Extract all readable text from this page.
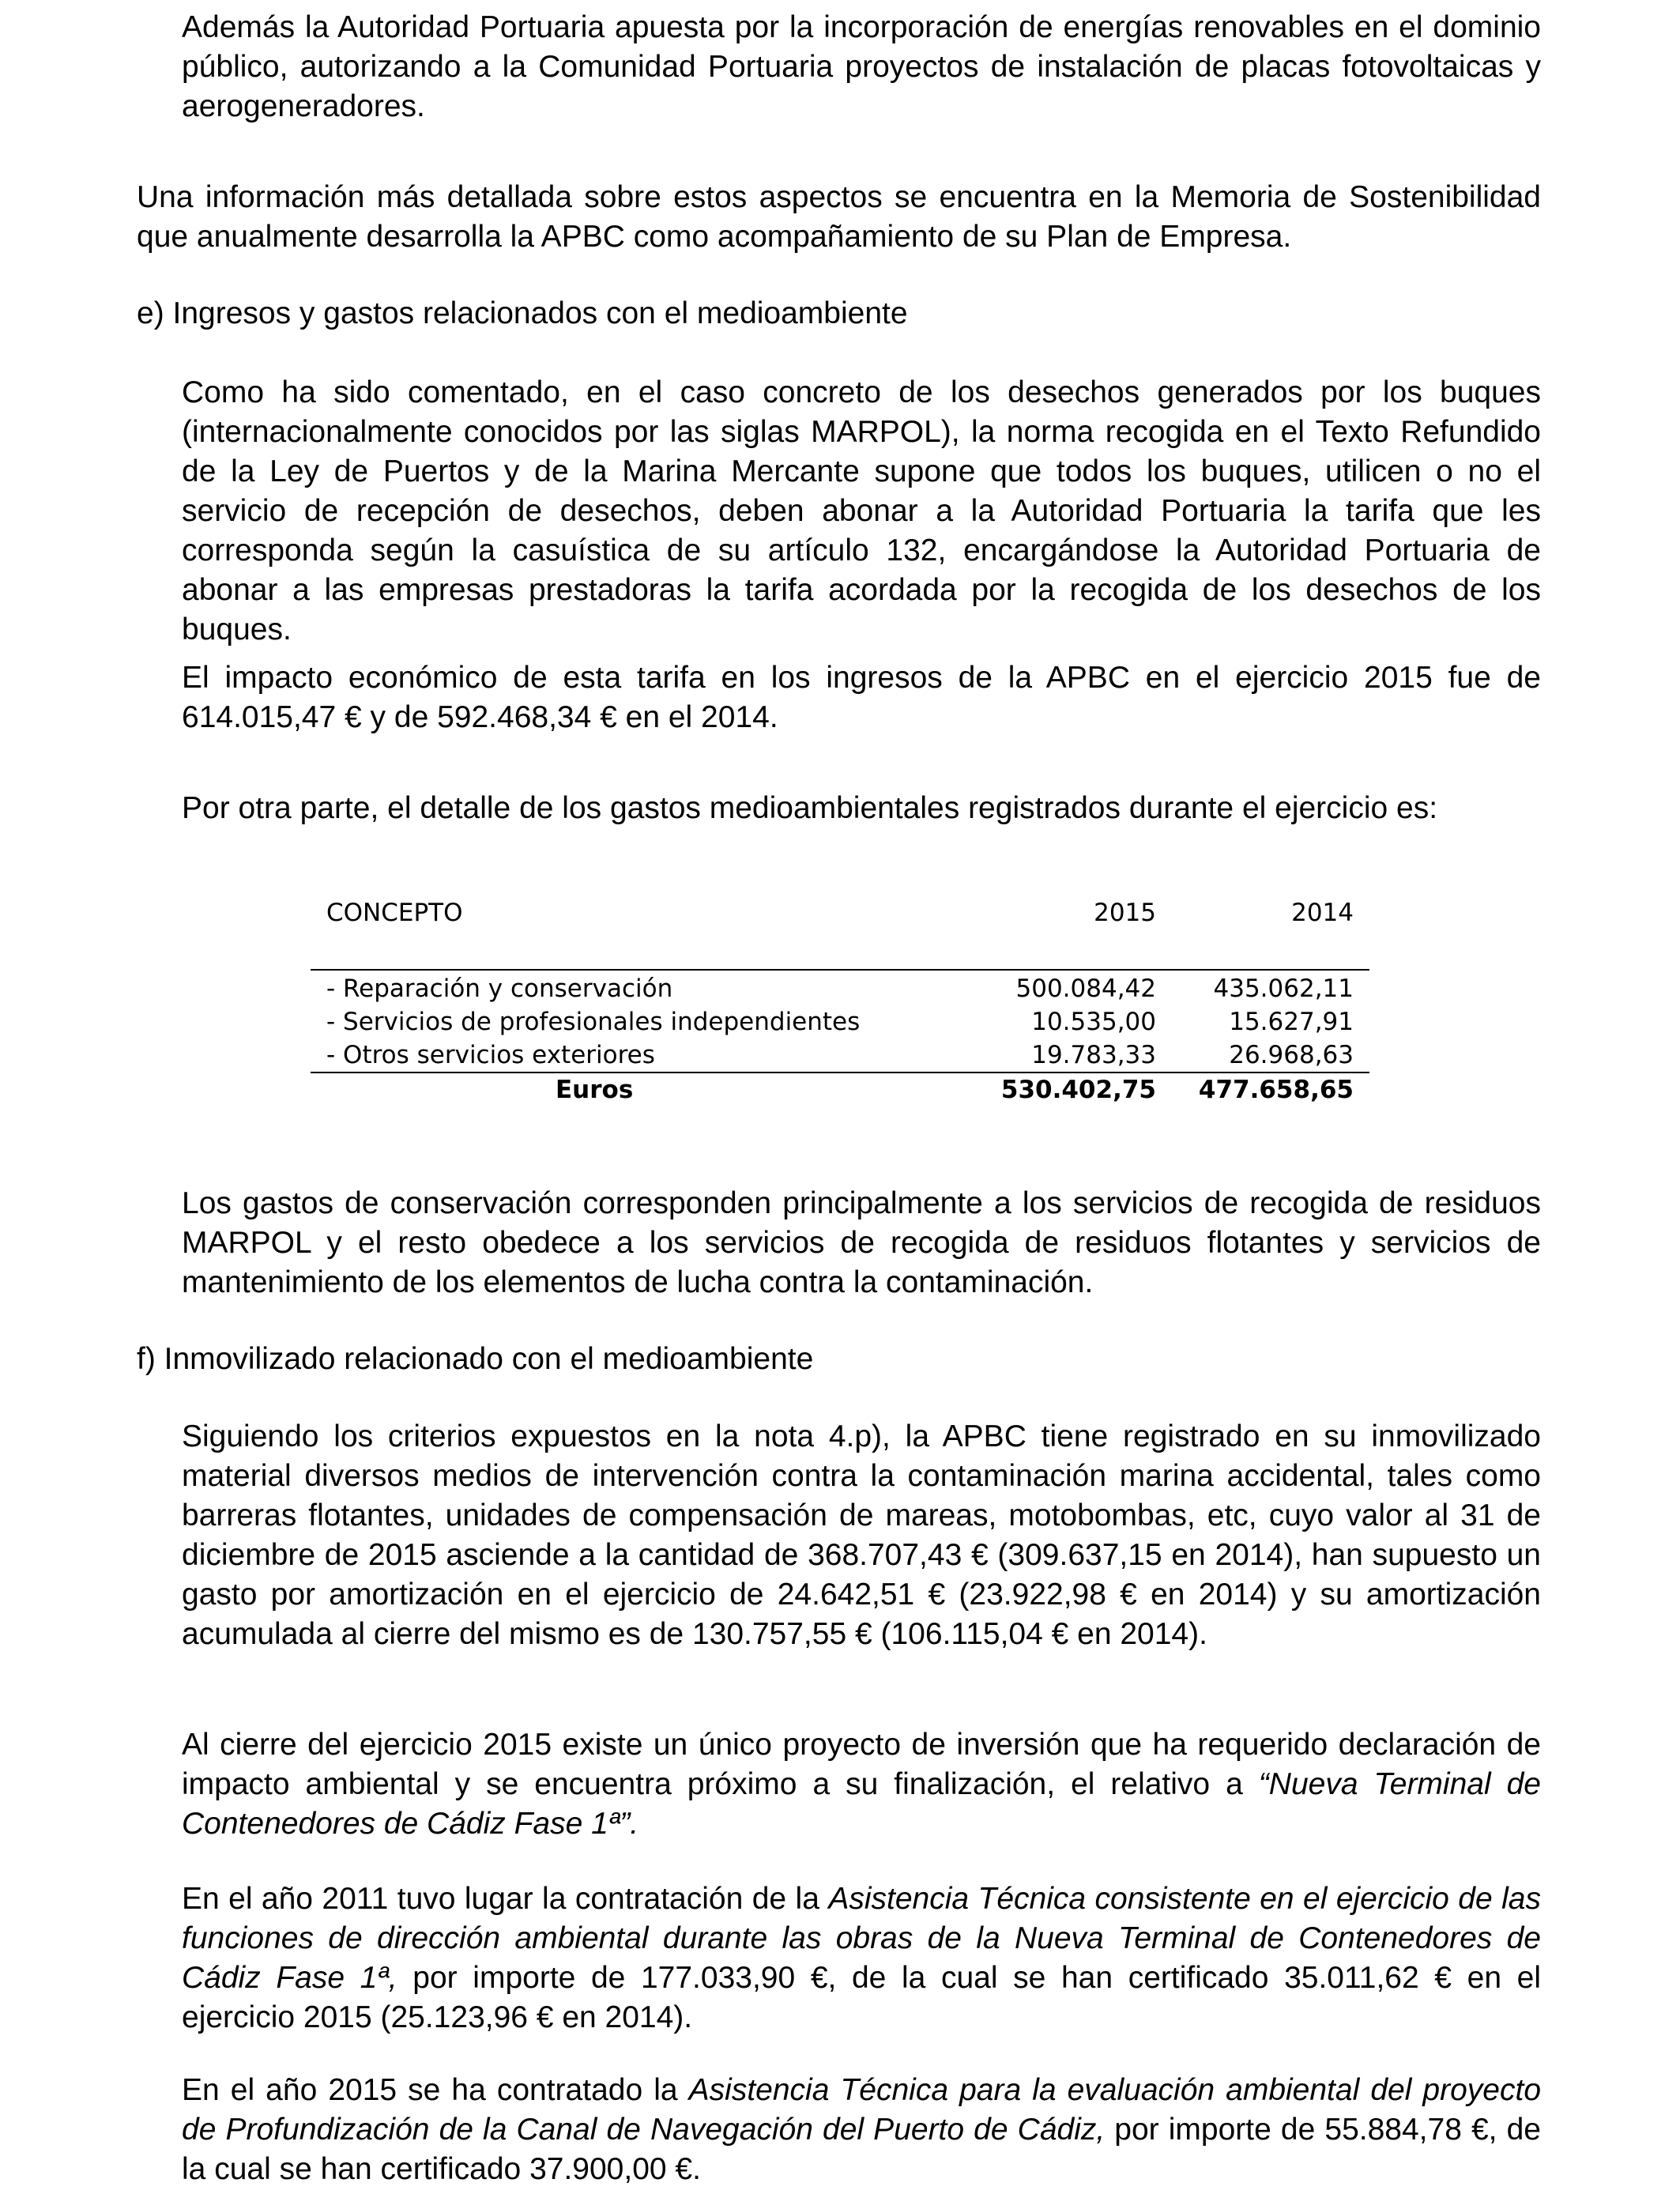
Además la Autoridad Portuaria apuesta por la incorporación de energías renovables en el dominio público, autorizando a la Comunidad Portuaria proyectos de instalación de placas fotovoltaicas y aerogeneradores.

Una información más detallada sobre estos aspectos se encuentra en la Memoria de Sostenibilidad que anualmente desarrolla la APBC como acompañamiento de su Plan de Empresa.

e) Ingresos y gastos relacionados con el medioambiente

Como ha sido comentado, en el caso concreto de los desechos generados por los buques (internacionalmente conocidos por las siglas MARPOL), la norma recogida en el Texto Refundido de la Ley de Puertos y de la Marina Mercante supone que todos los buques, utilicen o no el servicio de recepción de desechos, deben abonar a la Autoridad Portuaria la tarifa que les corresponda según la casuística de su artículo 132, encargándose la Autoridad Portuaria de abonar a las empresas prestadoras la tarifa acordada por la recogida de los desechos de los buques.

El impacto económico de esta tarifa en los ingresos de la APBC en el ejercicio 2015 fue de 614.015,47 € y de 592.468,34 € en el 2014.

Por otra parte, el detalle de los gastos medioambientales registrados durante el ejercicio es:

CONCEPTO	2015	2014
- Reparación y conservación	500.084,42 435.062,11
- Servicios de profesionales independientes	10.535,00	15.627,91
- Otros servicios exteriores	19.783,33	26.968,63
Euros	530.402,75 477.658,65

Los gastos de conservación corresponden principalmente a los servicios de recogida de residuos MARPOL y el resto obedece a los servicios de recogida de residuos flotantes y servicios de mantenimiento de los elementos de lucha contra la contaminación.

f) Inmovilizado relacionado con el medioambiente

Siguiendo los criterios expuestos en la nota 4.p), la APBC tiene registrado en su inmovilizado material diversos medios de intervención contra la contaminación marina accidental, tales como barreras flotantes, unidades de compensación de mareas, motobombas, etc, cuyo valor al 31 de diciembre de 2015 asciende a la cantidad de 368.707,43 € (309.637,15 en 2014), han supuesto un gasto por amortización en el ejercicio de 24.642,51 € (23.922,98 € en 2014) y su amortización acumulada al cierre del mismo es de 130.757,55 € (106.115,04 € en 2014).

Al cierre del ejercicio 2015 existe un único proyecto de inversión que ha requerido declaración de impacto ambiental y se encuentra próximo a su finalización, el relativo a “Nueva Terminal de Contenedores de Cádiz Fase 1ª”.

En el año 2011 tuvo lugar la contratación de la Asistencia Técnica consistente en el ejercicio de las funciones de dirección ambiental durante las obras de la Nueva Terminal de Contenedores de Cádiz Fase 1ª, por importe de 177.033,90 €, de la cual se han certificado 35.011,62 € en el ejercicio 2015 (25.123,96 € en 2014).

En el año 2015 se ha contratado la Asistencia Técnica para la evaluación ambiental del proyecto de Profundización de la Canal de Navegación del Puerto de Cádiz, por importe de 55.884,78 €, de la cual se han certificado 37.900,00 €.
